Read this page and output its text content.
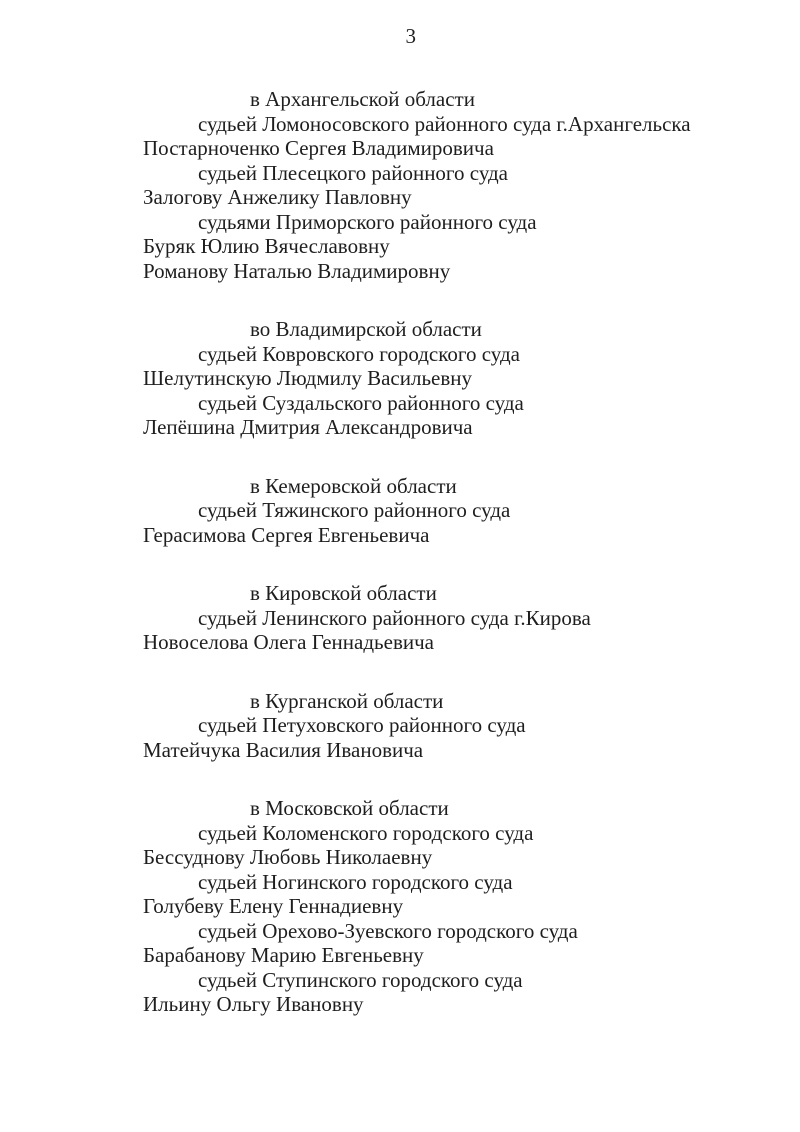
3
в Архангельской области
судьей Ломоносовского районного суда г.Архангельска
Постарноченко Сергея Владимировича
судьей Плесецкого районного суда
Залогову Анжелику Павловну
судьями Приморского районного суда
Буряк Юлию Вячеславовну
Романову Наталью Владимировну
во Владимирской области
судьей Ковровского городского суда
Шелутинскую Людмилу Васильевну
судьей Суздальского районного суда
Лепёшина Дмитрия Александровича
в Кемеровской области
судьей Тяжинского районного суда
Герасимова Сергея Евгеньевича
в Кировской области
судьей Ленинского районного суда г.Кирова
Новоселова Олега Геннадьевича
в Курганской области
судьей Петуховского районного суда
Матейчука Василия Ивановича
в Московской области
судьей Коломенского городского суда
Бессуднову Любовь Николаевну
судьей Ногинского городского суда
Голубеву Елену Геннадиевну
судьей Орехово-Зуевского городского суда
Барабанову Марию Евгеньевну
судьей Ступинского городского суда
Ильину Ольгу Ивановну
